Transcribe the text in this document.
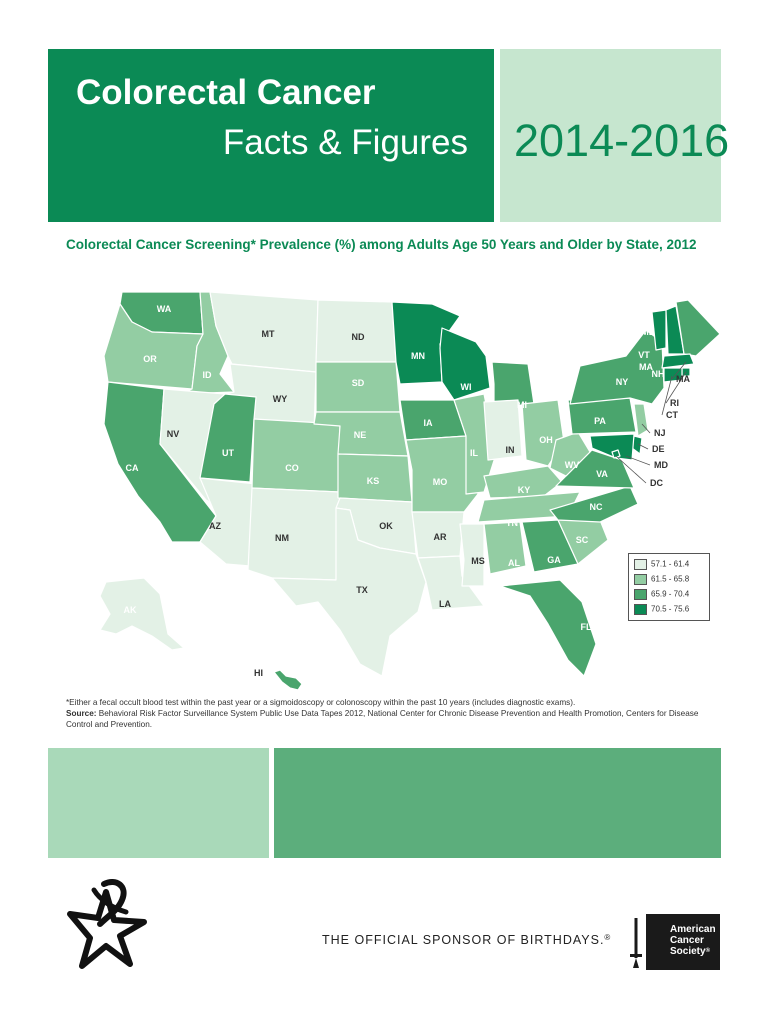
Colorectal Cancer
Facts & Figures 2014-2016
Colorectal Cancer Screening* Prevalence (%) among Adults Age 50 Years and Older by State, 2012
WA
OR
CA
ID
NV
MT
WY
UT
AZ
CO
NM
ND
SD
NE
KS
OK
TX
MN
IA
MO
AR
LA
WI
IL
MS
MI
IN
KY
TN
AL
OH
GA
FL
SC
NC
VA
WV
PA
NY
VT
NH
ME
MA
AK
MA
RI
CT
NJ
DE
MD
DC
HI
57.1 - 61.4
61.5 - 65.8
65.9 - 70.4
70.5 - 75.6
*Either a fecal occult blood test within the past year or a sigmoidoscopy or colonoscopy within the past 10 years (includes diagnostic exams).
Source: Behavioral Risk Factor Surveillance System Public Use Data Tapes 2012, National Center for Chronic Disease Prevention and Health Promotion, Centers for Disease Control and Prevention.
THE OFFICIAL SPONSOR OF BIRTHDAYS.®
American
Cancer
Society®
